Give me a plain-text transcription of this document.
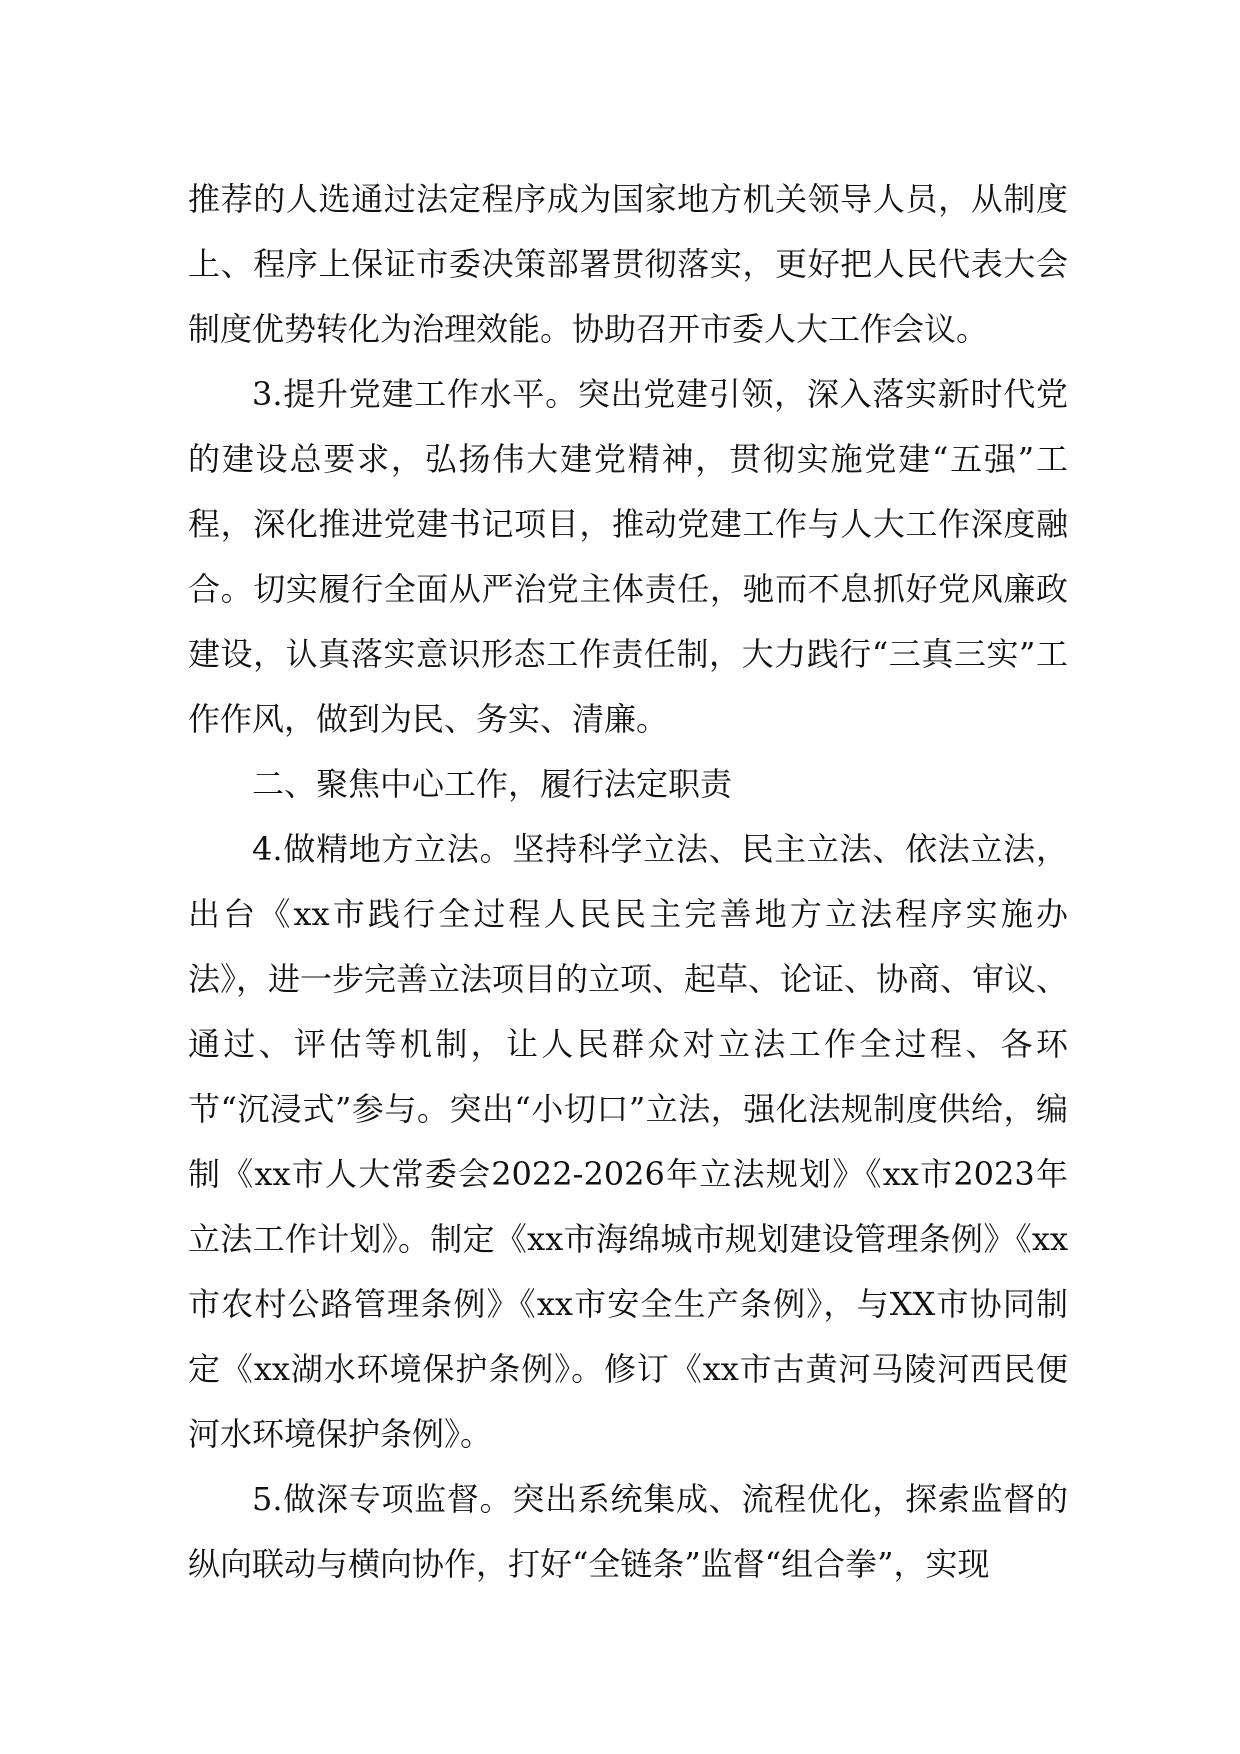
推荐的人选通过法定程序成为国家地方机关领导人员，从制度上、程序上保证市委决策部署贯彻落实，更好把人民代表大会制度优势转化为治理效能。协助召开市委人大工作会议。

3.提升党建工作水平。突出党建引领，深入落实新时代党的建设总要求，弘扬伟大建党精神，贯彻实施党建“五强”工程，深化推进党建书记项目，推动党建工作与人大工作深度融合。切实履行全面从严治党主体责任，驰而不息抓好党风廉政建设，认真落实意识形态工作责任制，大力践行“三真三实”工作作风，做到为民、务实、清廉。

二、聚焦中心工作，履行法定职责

4.做精地方立法。坚持科学立法、民主立法、依法立法，出台《xx市践行全过程人民民主完善地方立法程序实施办法》，进一步完善立法项目的立项、起草、论证、协商、审议、通过、评估等机制，让人民群众对立法工作全过程、各环节“沉浸式”参与。突出“小切口”立法，强化法规制度供给，编制《xx市人大常委会2022-2026年立法规划》《xx市2023年立法工作计划》。制定《xx市海绵城市规划建设管理条例》《xx市农村公路管理条例》《xx市安全生产条例》，与XX市协同制定《xx湖水环境保护条例》。修订《xx市古黄河马陵河西民便河水环境保护条例》。

5.做深专项监督。突出系统集成、流程优化，探索监督的纵向联动与横向协作，打好“全链条”监督“组合拳”，实现
